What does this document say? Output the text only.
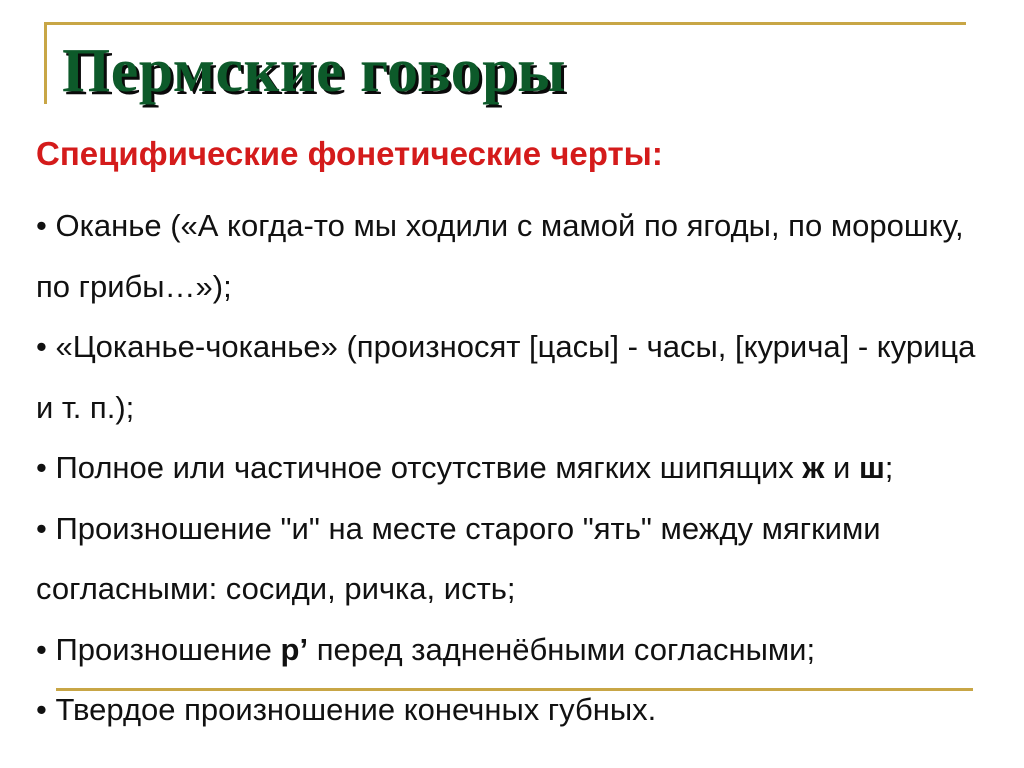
Пермские говоры
Специфические фонетические черты:

• Оканье («А когда-то мы ходили с мамой по ягоды, по морошку, по грибы…»);

• «Цоканье-чоканье» (произносят [цасы] - часы, [курича] - курица и т. п.);

• Полное или частичное отсутствие мягких шипящих ж и ш;

• Произношение "и" на месте старого "ять" между мягкими согласными: сосиди, ричка, исть;

• Произношение р’ перед задненёбными согласными;

• Твердое произношение конечных губных.
